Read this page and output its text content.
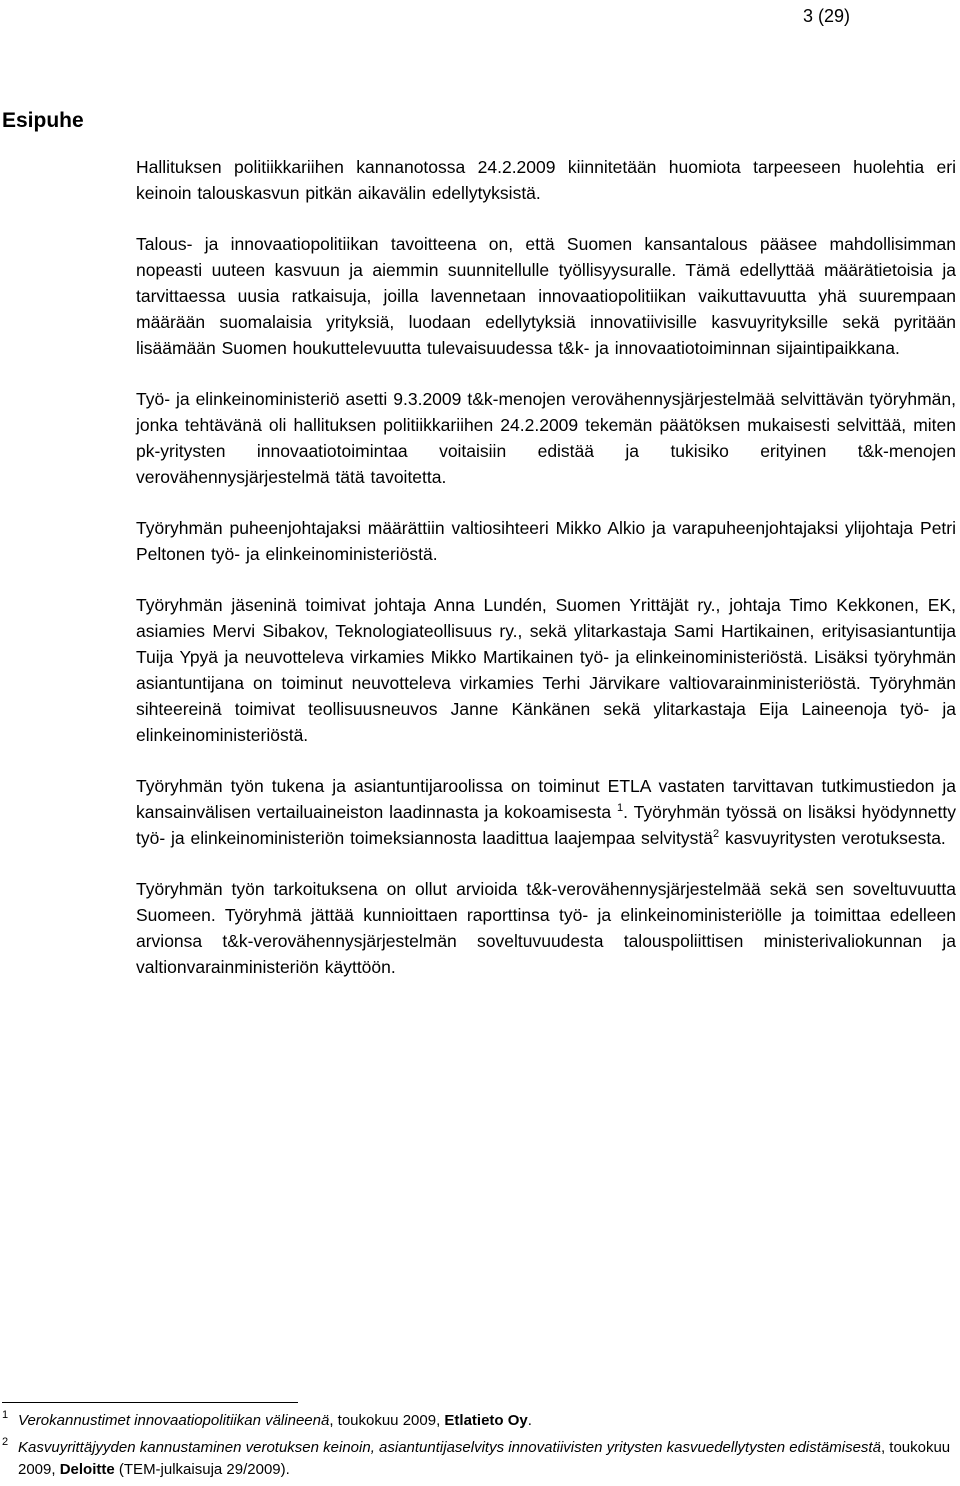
3 (29)
Esipuhe

Hallituksen politiikkariihen kannanotossa 24.2.2009 kiinnitetään huomiota tarpeeseen huolehtia eri keinoin talouskasvun pitkän aikavälin edellytyksistä.

Talous- ja innovaatiopolitiikan tavoitteena on, että Suomen kansantalous pääsee mahdollisimman nopeasti uuteen kasvuun ja aiemmin suunnitellulle työllisyysuralle. Tämä edellyttää määrätietoisia ja tarvittaessa uusia ratkaisuja, joilla lavennetaan innovaatiopolitiikan vaikuttavuutta yhä suurempaan määrään suomalaisia yrityksiä, luodaan edellytyksiä innovatiivisille kasvuyrityksille sekä pyritään lisäämään Suomen houkuttelevuutta tulevaisuudessa t&k- ja innovaatiotoiminnan sijaintipaikkana.

Työ- ja elinkeinoministeriö asetti 9.3.2009 t&k-menojen verovähennysjärjestelmää selvittävän työryhmän, jonka tehtävänä oli hallituksen politiikkariihen 24.2.2009 tekemän päätöksen mukaisesti selvittää, miten pk-yritysten innovaatiotoimintaa voitaisiin edistää ja tukisiko erityinen t&k-menojen verovähennysjärjestelmä tätä tavoitetta.

Työryhmän puheenjohtajaksi määrättiin valtiosihteeri Mikko Alkio ja varapuheenjohtajaksi ylijohtaja Petri Peltonen työ- ja elinkeinoministeriöstä.

Työryhmän jäseninä toimivat johtaja Anna Lundén, Suomen Yrittäjät ry., johtaja Timo Kekkonen, EK, asiamies Mervi Sibakov, Teknologiateollisuus ry., sekä ylitarkastaja Sami Hartikainen, erityisasiantuntija Tuija Ypyä ja neuvotteleva virkamies Mikko Martikainen työ- ja elinkeinoministeriöstä. Lisäksi työryhmän asiantuntijana on toiminut neuvotteleva virkamies Terhi Järvikare valtiovarainministeriöstä. Työryhmän sihteereinä toimivat teollisuusneuvos Janne Känkänen sekä ylitarkastaja Eija Laineenoja työ- ja elinkeinoministeriöstä.

Työryhmän työn tukena ja asiantuntijaroolissa on toiminut ETLA vastaten tarvittavan tutkimustiedon ja kansainvälisen vertailuaineiston laadinnasta ja kokoamisesta $^1$. Työryhmän työssä on lisäksi hyödynnetty työ- ja elinkeinoministeriön toimeksiannosta laadittua laajempaa selvitystä$^2$ kasvuyritysten verotuksesta.

Työryhmän työn tarkoituksena on ollut arvioida t&k-verovähennysjärjestelmää sekä sen soveltuvuutta Suomeen. Työryhmä jättää kunnioittaen raporttinsa työ- ja elinkeinoministeriölle ja toimittaa edelleen arvionsa t&k-verovähennysjärjestelmän soveltuvuudesta talouspoliittisen ministerivaliokunnan ja valtionvarainministeriön käyttöön.

1 Verokannustimet innovaatiopolitiikan välineenä, toukokuu 2009, Etlatieto Oy.
2 Kasvuyrittäjyyden kannustaminen verotuksen keinoin, asiantuntijaselvitys innovatiivisten yritysten kasvuedellytysten edistämisestä, toukokuu 2009, Deloitte (TEM-julkaisuja 29/2009).
